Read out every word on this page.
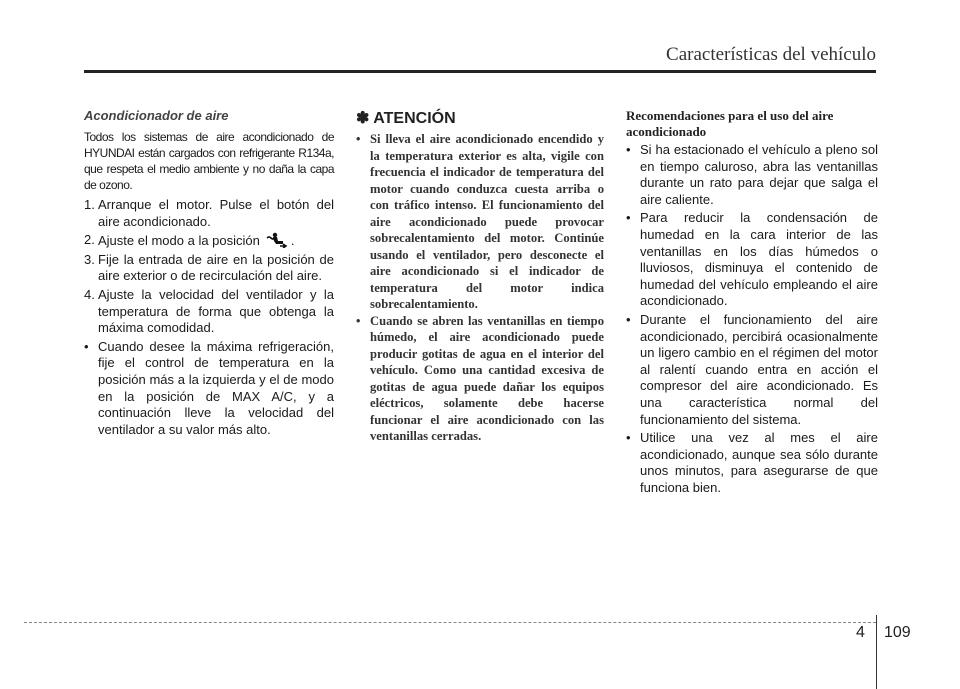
Características del vehículo
Acondicionador de aire

Todos los sistemas de aire acondicionado de HYUNDAI están cargados con refrigerante R134a, que respeta el medio ambiente y no daña la capa de ozono.

1. Arranque el motor. Pulse el botón del aire acondicionado.
2. Ajuste el modo a la posición .
3. Fije la entrada de aire en la posición de aire exterior o de recirculación del aire.
4. Ajuste la velocidad del ventilador y la temperatura de forma que obtenga la máxima comodidad.
• Cuando desee la máxima refrigeración, fije el control de temperatura en la posición más a la izquierda y el de modo en la posición de MAX A/C, y a continuación lleve la velocidad del ventilador a su valor más alto.
✽ ATENCIÓN
• Si lleva el aire acondicionado encendido y la temperatura exterior es alta, vigile con frecuencia el indicador de temperatura del motor cuando conduzca cuesta arriba o con tráfico intenso. El funcionamiento del aire acondicionado puede provocar sobrecalentamiento del motor. Continúe usando el ventilador, pero desconecte el aire acondicionado si el indicador de temperatura del motor indica sobrecalentamiento.
• Cuando se abren las ventanillas en tiempo húmedo, el aire acondicionado puede producir gotitas de agua en el interior del vehículo. Como una cantidad excesiva de gotitas de agua puede dañar los equipos eléctricos, solamente debe hacerse funcionar el aire acondicionado con las ventanillas cerradas.
Recomendaciones para el uso del aire acondicionado
• Si ha estacionado el vehículo a pleno sol en tiempo caluroso, abra las ventanillas durante un rato para dejar que salga el aire caliente.
• Para reducir la condensación de humedad en la cara interior de las ventanillas en los días húmedos o lluviosos, disminuya el contenido de humedad del vehículo empleando el aire acondicionado.
• Durante el funcionamiento del aire acondicionado, percibirá ocasionalmente un ligero cambio en el régimen del motor al ralentí cuando entra en acción el compresor del aire acondicionado. Es una característica normal del funcionamiento del sistema.
• Utilice una vez al mes el aire acondicionado, aunque sea sólo durante unos minutos, para asegurarse de que funciona bien.
4 109
